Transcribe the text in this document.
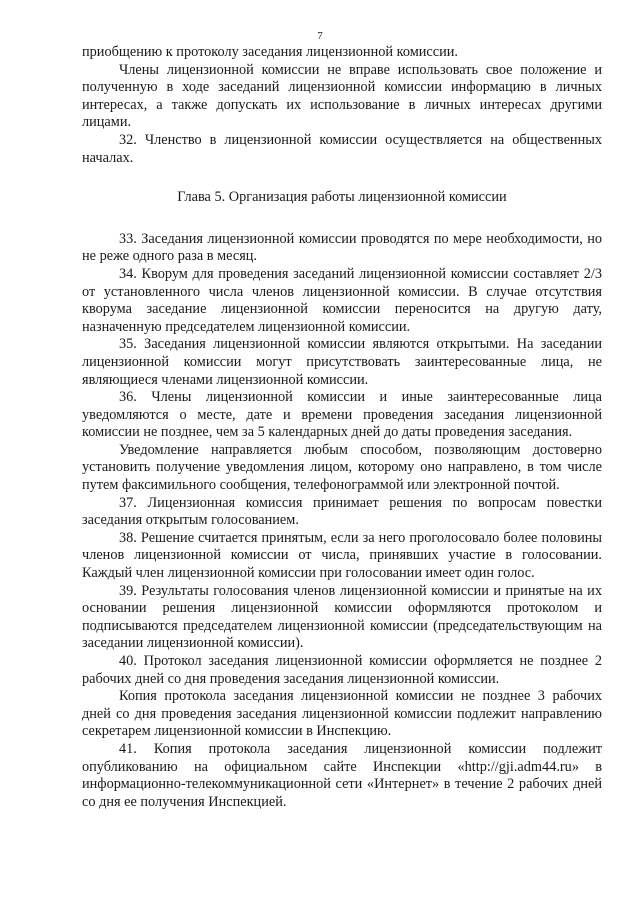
7

приобщению к протоколу заседания лицензионной комиссии.

Члены лицензионной комиссии не вправе использовать свое положение и полученную в ходе заседаний лицензионной комиссии информацию в личных интересах, а также допускать их использование в личных интересах другими лицами.

32. Членство в лицензионной комиссии осуществляется на общественных началах.

Глава 5. Организация работы лицензионной комиссии

33. Заседания лицензионной комиссии проводятся по мере необходимости, но не реже одного раза в месяц.

34. Кворум для проведения заседаний лицензионной комиссии составляет 2/3 от установленного числа членов лицензионной комиссии. В случае отсутствия кворума заседание лицензионной комиссии переносится на другую дату, назначенную председателем лицензионной комиссии.

35. Заседания лицензионной комиссии являются открытыми. На заседании лицензионной комиссии могут присутствовать заинтересованные лица, не являющиеся членами лицензионной комиссии.

36. Члены лицензионной комиссии и иные заинтересованные лица уведомляются о месте, дате и времени проведения заседания лицензионной комиссии не позднее, чем за 5 календарных дней до даты проведения заседания.

Уведомление направляется любым способом, позволяющим достоверно установить получение уведомления лицом, которому оно направлено, в том числе путем факсимильного сообщения, телефонограммой или электронной почтой.

37. Лицензионная комиссия принимает решения по вопросам повестки заседания открытым голосованием.

38. Решение считается принятым, если за него проголосовало более половины членов лицензионной комиссии от числа, принявших участие в голосовании. Каждый член лицензионной комиссии при голосовании имеет один голос.

39. Результаты голосования членов лицензионной комиссии и принятые на их основании решения лицензионной комиссии оформляются протоколом и подписываются председателем лицензионной комиссии (председательствующим на заседании лицензионной комиссии).

40. Протокол заседания лицензионной комиссии оформляется не позднее 2 рабочих дней со дня проведения заседания лицензионной комиссии.

Копия протокола заседания лицензионной комиссии не позднее 3 рабочих дней со дня проведения заседания лицензионной комиссии подлежит направлению секретарем лицензионной комиссии в Инспекцию.

41. Копия протокола заседания лицензионной комиссии подлежит опубликованию на официальном сайте Инспекции «http://gji.adm44.ru» в информационно-телекоммуникационной сети «Интернет» в течение 2 рабочих дней со дня ее получения Инспекцией.
